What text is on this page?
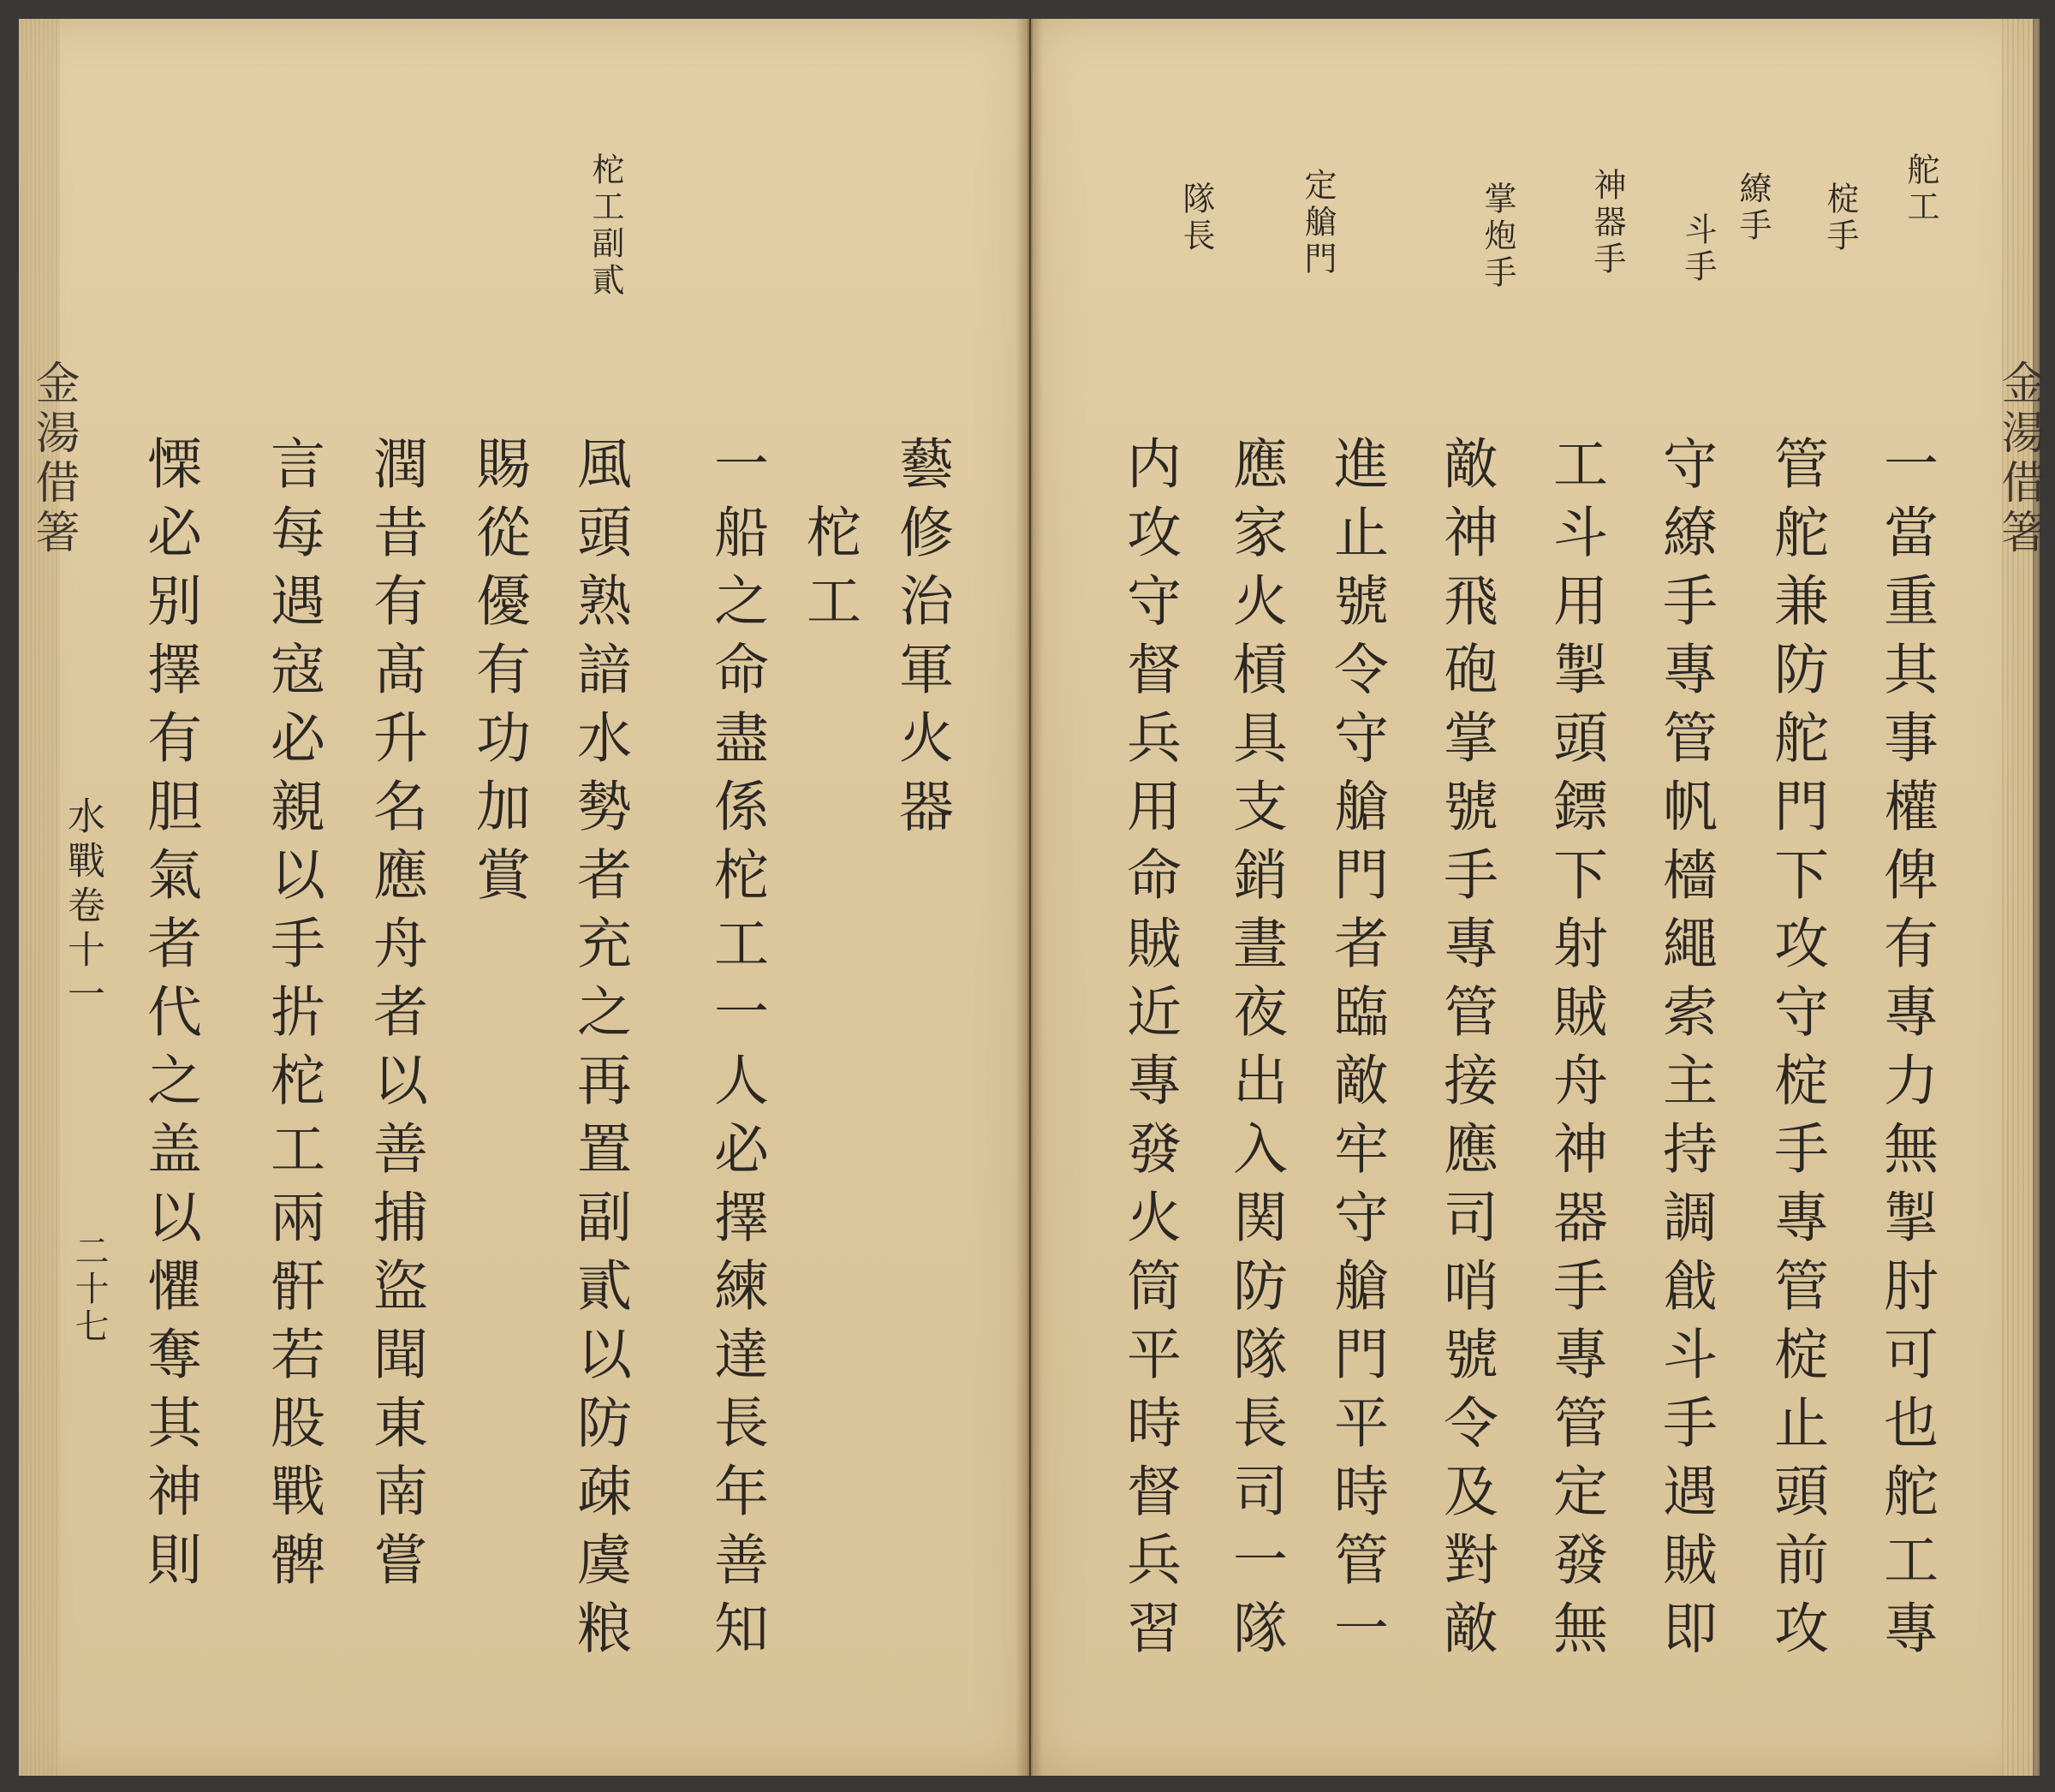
柁工副貳
藝修治軍火器
柁工
一船之命盡係柁工一人必擇練達長年善知
風頭熟諳水勢者充之再置副貳以防疎虞粮
賜從優有功加賞
潤昔有髙升名應舟者以善捕盜聞東南嘗
言每遇寇必親以手扸柁工兩骭若股戰髀
慄必别擇有胆氣者代之盖以懼奪其神則
舵工
椗手
繚手
斗手
神器手
掌炮手
定艙門
隊長
一當重其事權俾有專力無掣肘可也舵工專
管舵兼防舵門下攻守椗手專管椗止頭前攻
守繚手專管帆檣繩索主持調戧斗手遇賊即
工斗用掣頭鏢下射賊舟神器手專管定發無
敵神飛砲掌號手專管接應司哨號令及對敵
進止號令守艙門者臨敵牢守艙門平時管一
應家火槓具支銷晝夜出入関防隊長司一隊
内攻守督兵用命賊近專發火筒平時督兵習
金湯借箸
水戰卷十一
二十七
金湯借箸
